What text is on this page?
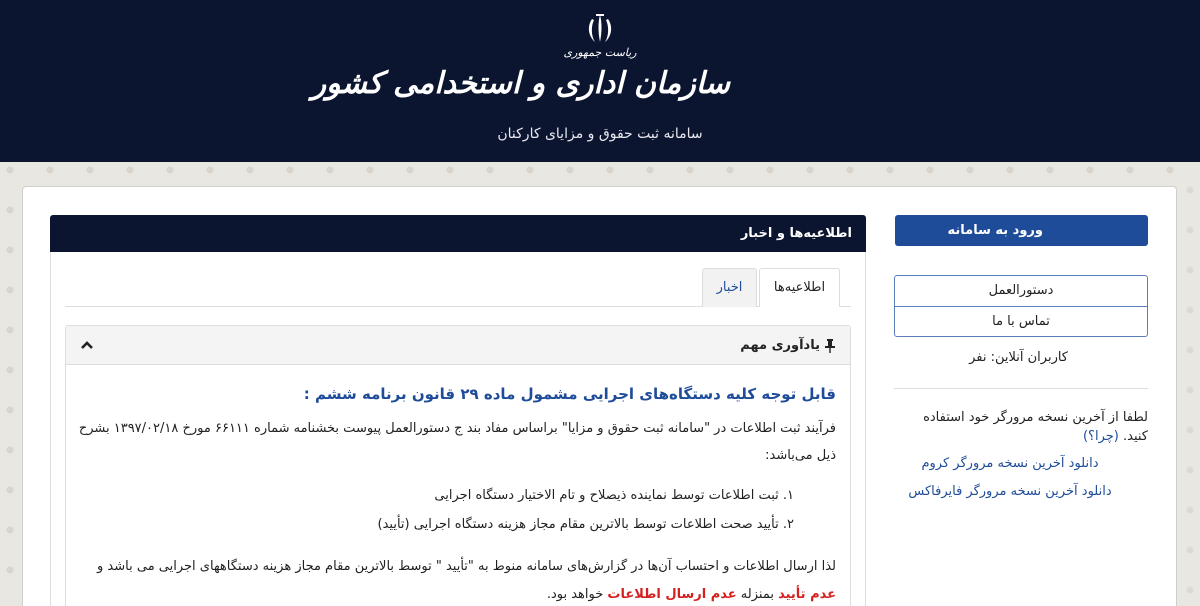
ریاست جمهوری
سازمان اداری و استخدامی کشور
سامانه ثبت حقوق و مزایای کارکنان
ورود به سامانه
دستورالعمل
تماس با ما
کاربران آنلاین: نفر
لطفا از آخرین نسخه مرورگر خود استفاده کنید. (چرا؟)
دانلود آخرین نسخه مرورگر کروم
دانلود آخرین نسخه مرورگر فایرفاکس
اطلاعیه‌ها و اخبار
اطلاعیه‌ها
اخبار
یادآوری مهم
قابل توجه کلیه دستگاه‌های اجرایی مشمول ماده ۲۹ قانون برنامه ششم :
فرآیند ثبت اطلاعات در "سامانه ثبت حقوق و مزایا" براساس مفاد بند ج دستورالعمل پیوست بخشنامه شماره ۶۶۱۱۱ مورخ ۱۳۹۷/۰۲/۱۸ بشرح ذیل می‌باشد:
۱. ثبت اطلاعات توسط نماینده ذیصلاح و تام الاختیار دستگاه اجرایی
۲. تأیید صحت اطلاعات توسط بالاترین مقام مجاز هزینه دستگاه اجرایی (تأیید)
لذا ارسال اطلاعات و احتساب آن‌ها در گزارش‌های سامانه منوط به "تأیید " توسط بالاترین مقام مجاز هزینه دستگاههای اجرایی می باشد و عدم تأیید بمنزله عدم ارسال اطلاعات خواهد بود.
